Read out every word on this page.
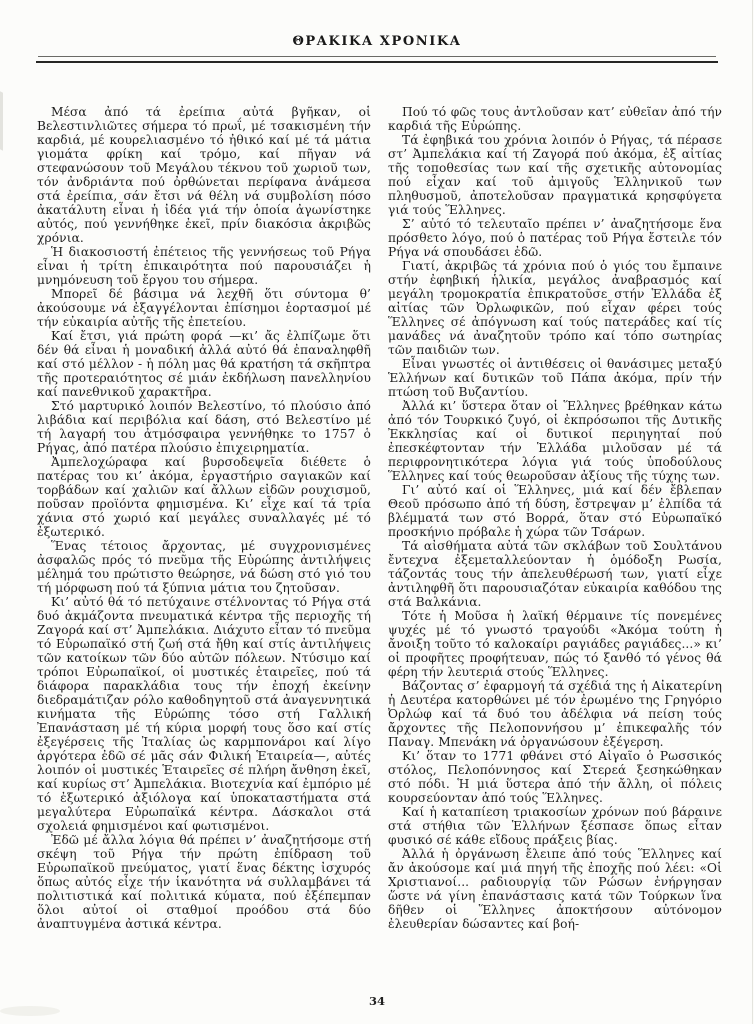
ΘΡΑΚΙΚΑ ΧΡΟΝΙΚΑ

Μέσα ἀπό τά ἐρείπια αὐτά βγῆκαν, οἱ Βελεστινλιῶτες σήμερα τό πρωΐ, μέ τσακισμένη τήν καρδιά, μέ κουρελιασμένο τό ἠθικό καί μέ τά μάτια γιομάτα φρίκη καί τρόμο, καί πῆγαν νά στεφανώσουν τοῦ Μεγάλου τέκνου τοῦ χωριοῦ των, τόν ἀνδριάντα πού ὀρθώνεται περίφανα ἀνάμεσα στά ἐρείπια, σάν ἔτσι νά θέλη νά συμβολίση πόσο ἀκατάλυτη εἶναι ἡ ἰδέα γιά τήν ὁποία ἀγωνίστηκε αὐτός, πού γεννήθηκε ἐκεῖ, πρίν διακόσια ἀκριβῶς χρόνια.

Ἡ διακοσιοστή ἐπέτειος τῆς γεννήσεως τοῦ Ρήγα εἶναι ἡ τρίτη ἐπικαιρότητα πού παρουσιάζει ἡ μνημόνευση τοῦ ἔργου του σήμερα.

Μπορεῖ δέ βάσιμα νά λεχθῆ ὅτι σύντομα θ’ ἀκούσουμε νά ἐξαγγέλονται ἐπίσημοι ἑορτασμοί μέ τήν εὐκαιρία αὐτῆς τῆς ἐπετείου.

Καί ἔτσι, γιά πρώτη φορά —κι’ ἄς ἐλπίζωμε ὅτι δέν θά εἶναι ἡ μοναδική ἀλλά αὐτό θά ἐπαναληφθῆ καί στό μέλλον - ἡ πόλη μας θά κρατήση τά σκῆπτρα τῆς προτεραιότητος σέ μιάν ἐκδήλωση πανελληνίου καί πανεθνικοῦ χαρακτῆρα.

Στό μαρτυρικό λοιπόν Βελεστίνο, τό πλούσιο ἀπό λιβάδια καί περιβόλια καί δάση, στό Βελεστίνο μέ τή λαγαρή του ἀτμόσφαιρα γεννήθηκε το 1757 ὁ Ρήγας, ἀπό πατέρα πλούσιο ἐπιχειρηματία.

Ἀμπελοχώραφα καί βυρσοδεψεῖα διέθετε ὁ πατέρας του κι’ ἀκόμα, ἐργαστήριο σαγιακῶν καί τορβάδων καί χαλιῶν καί ἄλλων εἰδῶν ρουχισμοῦ, ποῦσαν προϊόντα φημισμένα. Κι’ εἶχε καί τά τρία χάνια στό χωριό καί μεγάλες συναλλαγές μέ τό ἐξωτερικό.

Ἕνας τέτοιος ἄρχοντας, μέ συγχρονισμένες ἀσφαλῶς πρός τό πνεῦμα τῆς Εὐρώπης ἀντιλήψεις μέλημά του πρώτιστο θεώρησε, νά δώση στό γιό του τή μόρφωση πού τά ξύπνια μάτια του ζητοῦσαν.

Κι’ αὐτό θά τό πετύχαινε στέλνοντας τό Ρήγα στά δυό ἀκμάζοντα πνευματικά κέντρα τῆς περιοχῆς τή Ζαγορά καί στ’ Ἀμπελάκια. Διάχυτο εἶταν τό πνεῦμα τό Εὐρωπαϊκό στή ζωή στά ἤθη καί στίς ἀντιλήψεις τῶν κατοίκων τῶν δύο αὐτῶν πόλεων. Ντύσιμο καί τρόποι Εὐρωπαϊκοί, οἱ μυστικές ἑταιρεῖες, πού τά διάφορα παρακλάδια τους τήν ἐποχή ἐκείνην διεδραμάτιζαν ρόλο καθοδηγητοῦ στά ἀναγεννητικά κινήματα τῆς Εὐρώπης τόσο στή Γαλλική Ἐπανάσταση μέ τή κύρια μορφή τους ὅσο καί στίς ἐξεγέρσεις τῆς Ἰταλίας ὡς καρμπονάροι καί λίγο ἀργότερα ἐδῶ σέ μᾶς σάν Φιλική Ἑταιρεία—, αὐτές λοιπόν οἱ μυστικές Ἑταιρεῖες σέ πλήρη ἄνθηση ἐκεῖ, καί κυρίως στ’ Ἀμπελάκια. Βιοτεχνία καί ἐμπόριο μέ τό ἐξωτερικό ἀξιόλογα καί ὑποκαταστήματα στά μεγαλύτερα Εὐρωπαϊκά κέντρα. Δάσκαλοι στά σχολειά φημισμένοι καί φωτισμένοι.

Ἐδῶ μέ ἄλλα λόγια θά πρέπει ν’ ἀναζητήσομε στή σκέψη τοῦ Ρήγα τήν πρώτη ἐπίδραση τοῦ Εὐρωπαϊκοῦ πνεύματος, γιατί ἕνας δέκτης ἰσχυρός ὅπως αὐτός εἶχε τήν ἱκανότητα νά συλλαμβάνει τά πολιτιστικά καί πολιτικά κύματα, πού ἐξέπεμπαν ὅλοι αὐτοί οἱ σταθμοί προόδου στά δύο ἀναπτυγμένα ἀστικά κέντρα.

Πού τό φῶς τους ἀντλοῦσαν κατ’ εὐθεῖαν ἀπό τήν καρδιά τῆς Εὐρώπης.

Τά ἐφηβικά του χρόνια λοιπόν ὁ Ρήγας, τά πέρασε στ’ Ἀμπελάκια καί τή Ζαγορά πού ἀκόμα, ἐξ αἰτίας τῆς τοποθεσίας των καί τῆς σχετικῆς αὐτονομίας πού εἶχαν καί τοῦ ἀμιγοῦς Ἑλληνικοῦ των πληθυσμοῦ, ἀποτελοῦσαν πραγματικά κρησφύγετα γιά τούς Ἕλληνες.

Σ’ αὐτό τό τελευταῖο πρέπει ν’ ἀναζητήσομε ἕνα πρόσθετο λόγο, πού ὁ πατέρας τοῦ Ρήγα ἔστειλε τόν Ρήγα νά σπουδάσει ἐδῶ.

Γιατί, ἀκριβῶς τά χρόνια πού ὁ γιός του ἔμπαινε στήν ἐφηβική ἡλικία, μεγάλος ἀναβρασμός καί μεγάλη τρομοκρατία ἐπικρατοῦσε στήν Ἑλλάδα ἐξ αἰτίας τῶν Ὀρλωφικῶν, πού εἶχαν φέρει τούς Ἕλληνες σέ ἀπόγνωση καί τούς πατεράδες καί τίς μανάδες νά ἀναζητοῦν τρόπο καί τόπο σωτηρίας τῶν παιδιῶν των.

Εἶναι γνωστές οἱ ἀντιθέσεις οἱ θανάσιμες μεταξύ Ἑλλήνων καί δυτικῶν τοῦ Πάπα ἀκόμα, πρίν τήν πτώση τοῦ Βυζαντίου.

Ἀλλά κι’ ὕστερα ὅταν οἱ Ἕλληνες βρέθηκαν κάτω ἀπό τόν Τουρκικό ζυγό, οἱ ἐκπρόσωποι τῆς Δυτικῆς Ἐκκλησίας καί οἱ δυτικοί περιηγηταί πού ἐπεσκέφτονταν τήν Ἑλλάδα μιλοῦσαν μέ τά περιφρονητικότερα λόγια γιά τούς ὑποδούλους Ἕλληνες καί τούς θεωροῦσαν ἀξίους τῆς τύχης των.

Γι’ αὐτό καί οἱ Ἕλληνες, μιά καί δέν ἔβλεπαν Θεοῦ πρόσωπο ἀπό τή δύση, ἔστρεψαν μ’ ἐλπίδα τά βλέμματά των στό Βορρά, ὅταν στό Εὐρωπαϊκό προσκήνιο πρόβαλε ἡ χώρα τῶν Τσάρων.

Τά αἰσθήματα αὐτά τῶν σκλάβων τοῦ Σουλτάνου ἔντεχνα ἐξεμεταλλεύονταν ἡ ὁμόδοξη Ρωσία, τάζοντάς τους τήν ἀπελευθέρωσή των, γιατί εἶχε ἀντιληφθῆ ὅτι παρουσιαζόταν εὐκαιρία καθόδου της στά Βαλκάνια.

Τότε ἡ Μοῦσα ἡ λαϊκή θέρμαινε τίς πονεμένες ψυχές μέ τό γνωστό τραγούδι «Ἀκόμα τούτη ἡ ἄνοιξη τοῦτο τό καλοκαίρι ραγιάδες ραγιάδες...» κι’ οἱ προφῆτες προφήτευαν, πώς τό ξανθό τό γένος θά φέρη τήν λευτεριά στούς Ἕλληνες.

Βάζοντας σ’ ἐφαρμογή τά σχέδιά της ἡ Αἰκατερίνη ἡ Δευτέρα κατορθώνει μέ τόν ἐρωμένο της Γρηγόριο Ὀρλώφ καί τά δυό του ἀδέλφια νά πείση τούς ἄρχοντες τῆς Πελοποννήσου μ’ ἐπικεφαλῆς τόν Παναγ. Μπενάκη νά ὀργανώσουν ἐξέγερση.

Κι’ ὅταν το 1771 φθάνει στό Αἰγαῖο ὁ Ρωσσικός στόλος, Πελοπόννησος καί Στερεά ξεσηκώθηκαν στό πόδι. Ἡ μιά ὕστερα ἀπό τήν ἄλλη, οἱ πόλεις κουρσεύονταν ἀπό τούς Ἕλληνες.

Καί ἡ καταπίεση τριακοσίων χρόνων πού βάραινε στά στήθια τῶν Ἑλλήνων ξέσπασε ὅπως εἶταν φυσικό σέ κάθε εἴδους πράξεις βίας.

Ἀλλά ἡ ὀργάνωση ἔλειπε ἀπό τούς Ἕλληνες καί ἄν ἀκούσομε καί μιά πηγή τῆς ἐποχῆς πού λέει: «Οἱ Χριστιανοί... ραδιουργίᾳ τῶν Ρώσων ἐνήργησαν ὥστε νά γίνη ἐπανάστασις κατά τῶν Τούρκων ἵνα δῆθεν οἱ Ἕλληνες ἀποκτήσουν αὐτόνομον ἐλευθερίαν δώσαντες καί βοή-

34
